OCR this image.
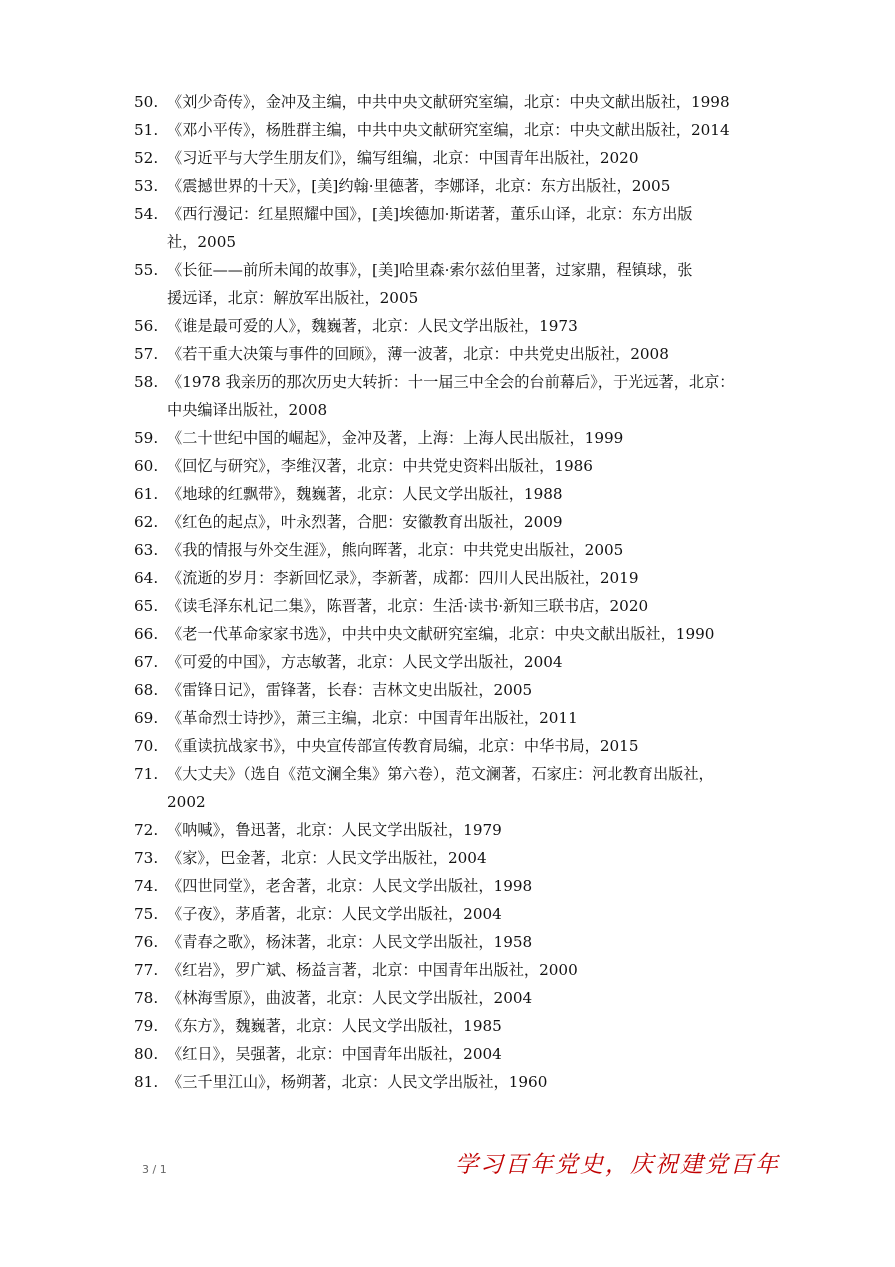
50. 《刘少奇传》，金冲及主编，中共中央文献研究室编，北京：中央文献出版社，1998
51. 《邓小平传》，杨胜群主编，中共中央文献研究室编，北京：中央文献出版社，2014
52. 《习近平与大学生朋友们》，编写组编，北京：中国青年出版社，2020
53. 《震撼世界的十天》，[美]约翰·里德著，李娜译，北京：东方出版社，2005
54. 《西行漫记：红星照耀中国》，[美]埃德加·斯诺著，董乐山译，北京：东方出版
社，2005
55. 《长征——前所未闻的故事》，[美]哈里森·索尔兹伯里著，过家鼎，程镇球，张
援远译，北京：解放军出版社，2005
56. 《谁是最可爱的人》，魏巍著，北京：人民文学出版社，1973
57. 《若干重大决策与事件的回顾》，薄一波著，北京：中共党史出版社，2008
58. 《1978 我亲历的那次历史大转折：十一届三中全会的台前幕后》，于光远著，北京：
中央编译出版社，2008
59. 《二十世纪中国的崛起》，金冲及著，上海：上海人民出版社，1999
60. 《回忆与研究》，李维汉著，北京：中共党史资料出版社，1986
61. 《地球的红飘带》，魏巍著，北京：人民文学出版社，1988
62. 《红色的起点》，叶永烈著，合肥：安徽教育出版社，2009
63. 《我的情报与外交生涯》，熊向晖著，北京：中共党史出版社，2005
64. 《流逝的岁月：李新回忆录》，李新著，成都：四川人民出版社，2019
65. 《读毛泽东札记二集》，陈晋著，北京：生活·读书·新知三联书店，2020
66. 《老一代革命家家书选》，中共中央文献研究室编，北京：中央文献出版社，1990
67. 《可爱的中国》，方志敏著，北京：人民文学出版社，2004
68. 《雷锋日记》，雷锋著，长春：吉林文史出版社，2005
69. 《革命烈士诗抄》，萧三主编，北京：中国青年出版社，2011
70. 《重读抗战家书》，中央宣传部宣传教育局编，北京：中华书局，2015
71. 《大丈夫》（选自《范文澜全集》第六卷），范文澜著，石家庄：河北教育出版社，
2002
72. 《呐喊》，鲁迅著，北京：人民文学出版社，1979
73. 《家》，巴金著，北京：人民文学出版社，2004
74. 《四世同堂》，老舍著，北京：人民文学出版社，1998
75. 《子夜》，茅盾著，北京：人民文学出版社，2004
76. 《青春之歌》，杨沫著，北京：人民文学出版社，1958
77. 《红岩》，罗广斌、杨益言著，北京：中国青年出版社，2000
78. 《林海雪原》，曲波著，北京：人民文学出版社，2004
79. 《东方》，魏巍著，北京：人民文学出版社，1985
80. 《红日》，吴强著，北京：中国青年出版社，2004
81. 《三千里江山》，杨朔著，北京：人民文学出版社，1960
3 / 1	学习百年党史，庆祝建党百年
